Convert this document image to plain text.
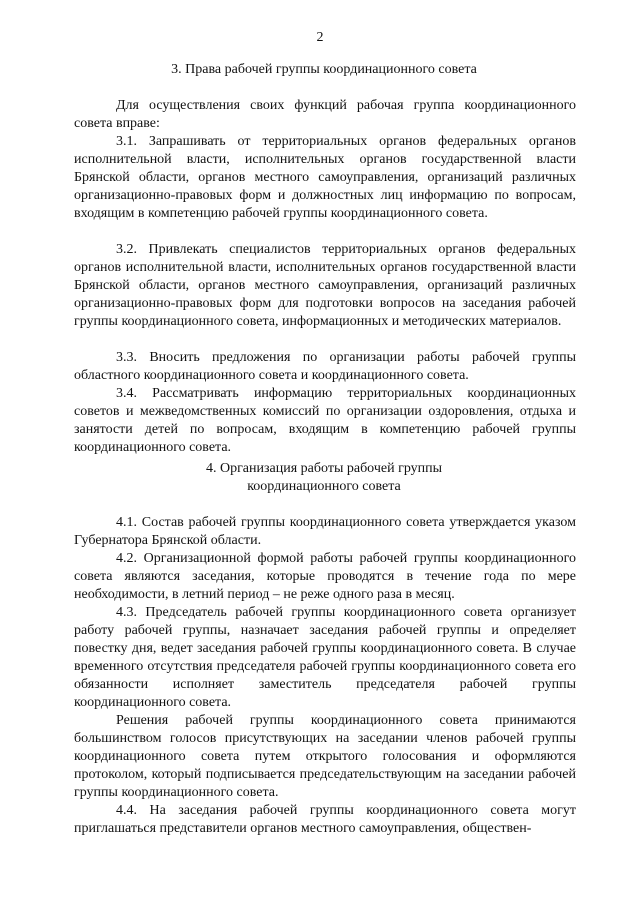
2
3. Права рабочей группы координационного совета

Для осуществления своих функций рабочая группа координационного совета вправе:

3.1. Запрашивать от территориальных органов федеральных органов исполнительной власти, исполнительных органов государственной власти Брянской области, органов местного самоуправления, организаций различных организационно-правовых форм и должностных лиц информацию по вопросам, входящим в компетенцию рабочей группы координационного совета.

3.2. Привлекать специалистов территориальных органов федеральных органов исполнительной власти, исполнительных органов государственной власти Брянской области, органов местного самоуправления, организаций различных организационно-правовых форм для подготовки вопросов на заседания рабочей группы координационного совета, информационных и методических материалов.

3.3. Вносить предложения по организации работы рабочей группы областного координационного совета и координационного совета.

3.4. Рассматривать информацию территориальных координационных советов и межведомственных комиссий по организации оздоровления, отдыха и занятости детей по вопросам, входящим в компетенцию рабочей группы координационного совета.

4. Организация работы рабочей группы
координационного совета

4.1. Состав рабочей группы координационного совета утверждается указом Губернатора Брянской области.

4.2. Организационной формой работы рабочей группы координационного совета являются заседания, которые проводятся в течение года по мере необходимости, в летний период – не реже одного раза в месяц.

4.3. Председатель рабочей группы координационного совета организует работу рабочей группы, назначает заседания рабочей группы и определяет повестку дня, ведет заседания рабочей группы координационного совета. В случае временного отсутствия председателя рабочей группы координационного совета его обязанности исполняет заместитель председателя рабочей группы координационного совета.

Решения рабочей группы координационного совета принимаются большинством голосов присутствующих на заседании членов рабочей группы координационного совета путем открытого голосования и оформляются протоколом, который подписывается председательствующим на заседании рабочей группы координационного совета.

4.4. На заседания рабочей группы координационного совета могут приглашаться представители органов местного самоуправления, обществен-
